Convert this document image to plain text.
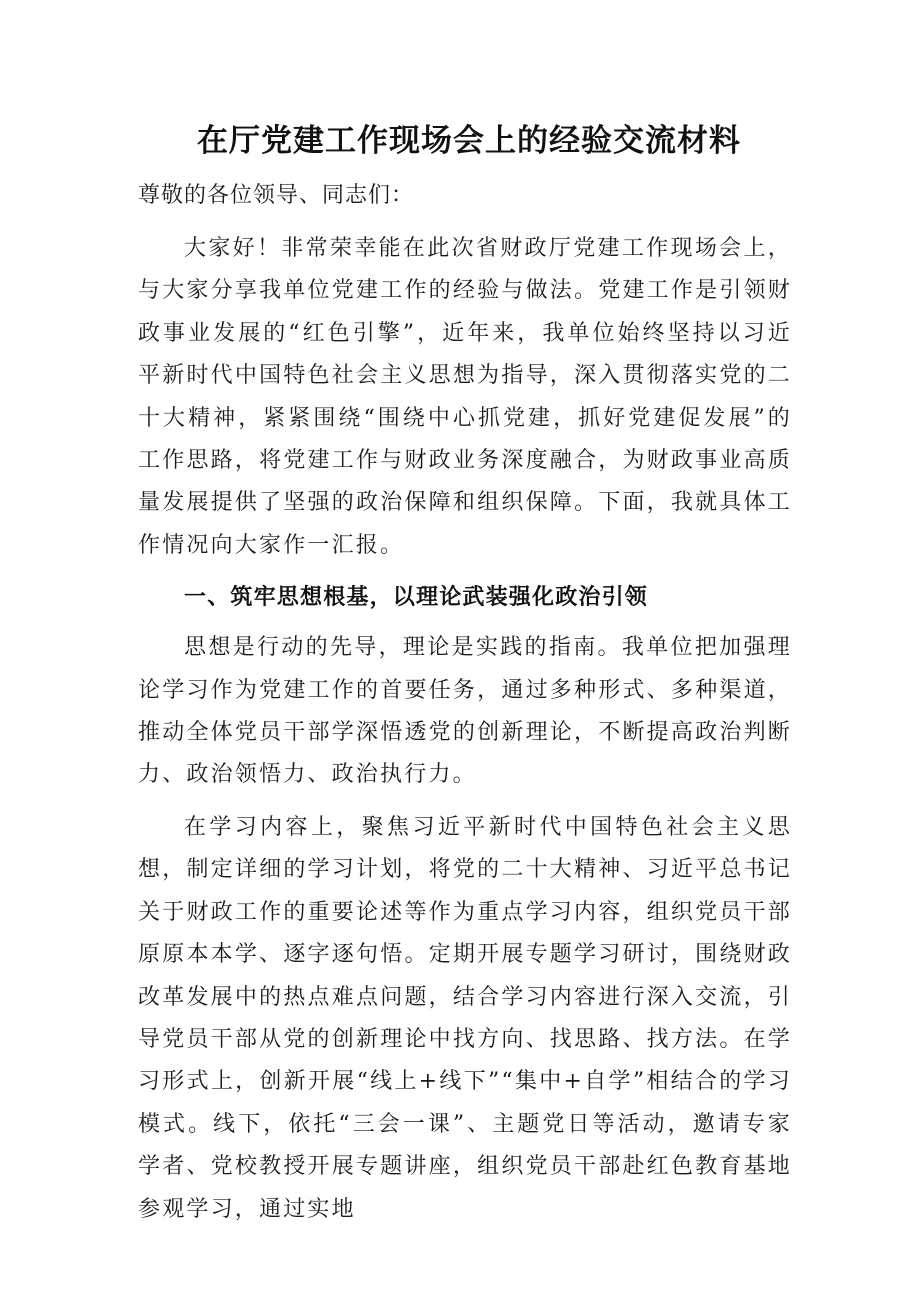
在厅党建工作现场会上的经验交流材料

尊敬的各位领导、同志们：

大家好！非常荣幸能在此次省财政厅党建工作现场会上，与大家分享我单位党建工作的经验与做法。党建工作是引领财政事业发展的“红色引擎”，近年来，我单位始终坚持以习近平新时代中国特色社会主义思想为指导，深入贯彻落实党的二十大精神，紧紧围绕“围绕中心抓党建，抓好党建促发展”的工作思路，将党建工作与财政业务深度融合，为财政事业高质量发展提供了坚强的政治保障和组织保障。下面，我就具体工作情况向大家作一汇报。

一、筑牢思想根基，以理论武装强化政治引领

思想是行动的先导，理论是实践的指南。我单位把加强理论学习作为党建工作的首要任务，通过多种形式、多种渠道，推动全体党员干部学深悟透党的创新理论，不断提高政治判断力、政治领悟力、政治执行力。

在学习内容上，聚焦习近平新时代中国特色社会主义思想，制定详细的学习计划，将党的二十大精神、习近平总书记关于财政工作的重要论述等作为重点学习内容，组织党员干部原原本本学、逐字逐句悟。定期开展专题学习研讨，围绕财政改革发展中的热点难点问题，结合学习内容进行深入交流，引导党员干部从党的创新理论中找方向、找思路、找方法。在学习形式上，创新开展“线上+线下”“集中+自学”相结合的学习模式。线下，依托“三会一课”、主题党日等活动，邀请专家学者、党校教授开展专题讲座，组织党员干部赴红色教育基地参观学习，通过实地
